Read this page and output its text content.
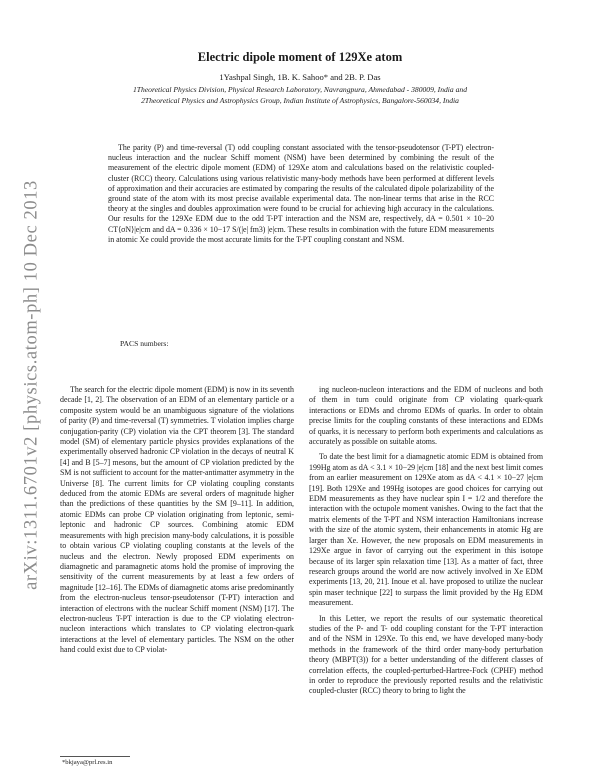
arXiv:1311.6701v2 [physics.atom-ph] 10 Dec 2013
Electric dipole moment of 129Xe atom
1Yashpal Singh, 1B. K. Sahoo* and 2B. P. Das
1Theoretical Physics Division, Physical Research Laboratory, Navrangpura, Ahmedabad - 380009, India and
2Theoretical Physics and Astrophysics Group, Indian Institute of Astrophysics, Bangalore-560034, India

The parity (P) and time-reversal (T) odd coupling constant associated with the tensor-pseudotensor (T-PT) electron-nucleus interaction and the nuclear Schiff moment (NSM) have been determined by combining the result of the measurement of the electric dipole moment (EDM) of 129Xe atom and calculations based on the relativistic coupled-cluster (RCC) theory. Calculations using various relativistic many-body methods have been performed at different levels of approximation and their accuracies are estimated by comparing the results of the calculated dipole polarizability of the ground state of the atom with its most precise available experimental data. The non-linear terms that arise in the RCC theory at the singles and doubles approximation were found to be crucial for achieving high accuracy in the calculations. Our results for the 129Xe EDM due to the odd T-PT interaction and the NSM are, respectively, dA = 0.501 × 10−20 CT⟨σN⟩|e|cm and dA = 0.336 × 10−17 S/(|e| fm3) |e|cm. These results in combination with the future EDM measurements in atomic Xe could provide the most accurate limits for the T-PT coupling constant and NSM.

PACS numbers:

The search for the electric dipole moment (EDM) is now in its seventh decade [1, 2]. The observation of an EDM of an elementary particle or a composite system would be an unambiguous signature of the violations of parity (P) and time-reversal (T) symmetries. T violation implies charge conjugation-parity (CP) violation via the CPT theorem [3]. The standard model (SM) of elementary particle physics provides explanations of the experimentally observed hadronic CP violation in the decays of neutral K [4] and B [5–7] mesons, but the amount of CP violation predicted by the SM is not sufficient to account for the matter-antimatter asymmetry in the Universe [8]. The current limits for CP violating coupling constants deduced from the atomic EDMs are several orders of magnitude higher than the predictions of these quantities by the SM [9–11]. In addition, atomic EDMs can probe CP violation originating from leptonic, semi-leptonic and hadronic CP sources. Combining atomic EDM measurements with high precision many-body calculations, it is possible to obtain various CP violating coupling constants at the levels of the nucleus and the electron. Newly proposed EDM experiments on diamagnetic and paramagnetic atoms hold the promise of improving the sensitivity of the current measurements by at least a few orders of magnitude [12–16]. The EDMs of diamagnetic atoms arise predominantly from the electron-nucleus tensor-pseudotensor (T-PT) interaction and interaction of electrons with the nuclear Schiff moment (NSM) [17]. The electron-nucleus T-PT interaction is due to the CP violating electron-nucleon interactions which translates to CP violating electron-quark interactions at the level of elementary particles. The NSM on the other hand could exist due to CP violat-

ing nucleon-nucleon interactions and the EDM of nucleons and both of them in turn could originate from CP violating quark-quark interactions or EDMs and chromo EDMs of quarks. In order to obtain precise limits for the coupling constants of these interactions and EDMs of quarks, it is necessary to perform both experiments and calculations as accurately as possible on suitable atoms.

To date the best limit for a diamagnetic atomic EDM is obtained from 199Hg atom as dA < 3.1 × 10−29 |e|cm [18] and the next best limit comes from an earlier measurement on 129Xe atom as dA < 4.1 × 10−27 |e|cm [19]. Both 129Xe and 199Hg isotopes are good choices for carrying out EDM measurements as they have nuclear spin I = 1/2 and therefore the interaction with the octupole moment vanishes. Owing to the fact that the matrix elements of the T-PT and NSM interaction Hamiltonians increase with the size of the atomic system, their enhancements in atomic Hg are larger than Xe. However, the new proposals on EDM measurements in 129Xe argue in favor of carrying out the experiment in this isotope because of its larger spin relaxation time [13]. As a matter of fact, three research groups around the world are now actively involved in Xe EDM experiments [13, 20, 21]. Inoue et al. have proposed to utilize the nuclear spin maser technique [22] to surpass the limit provided by the Hg EDM measurement.

In this Letter, we report the results of our systematic theoretical studies of the P- and T- odd coupling constant for the T-PT interaction and of the NSM in 129Xe. To this end, we have developed many-body methods in the framework of the third order many-body perturbation theory (MBPT(3)) for a better understanding of the different classes of correlation effects, the coupled-perturbed-Hartree-Fock (CPHF) method in order to reproduce the previously reported results and the relativistic coupled-cluster (RCC) theory to bring to light the

*bkjaya@prl.res.in
